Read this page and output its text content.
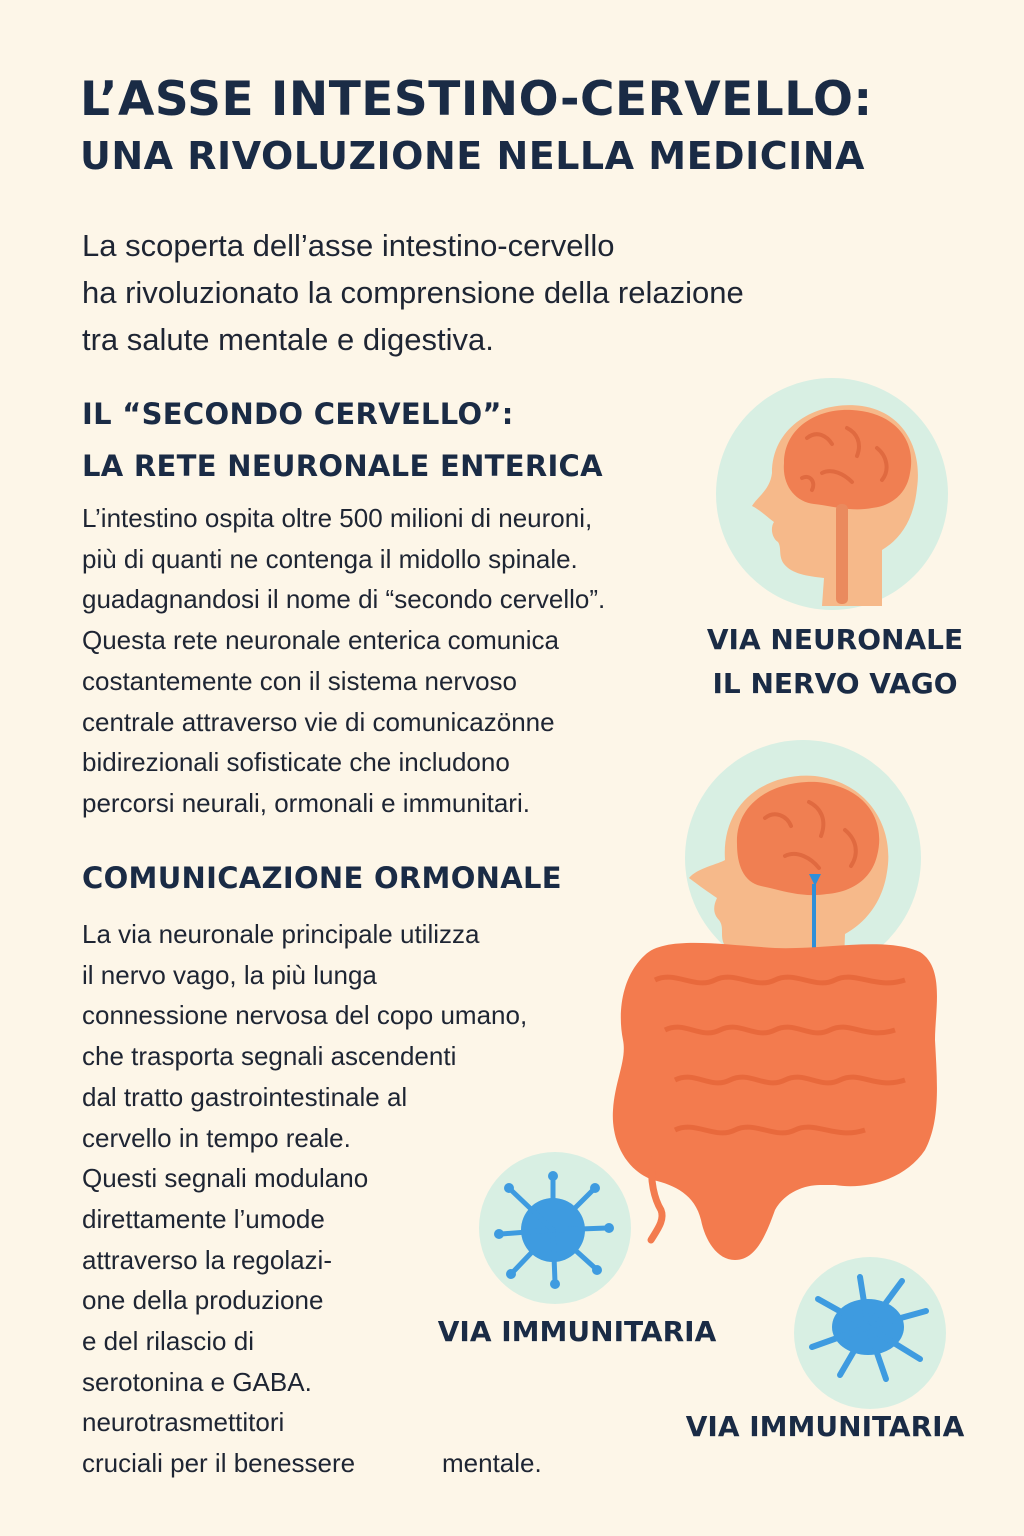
L’ASSE INTESTINO-CERVELLO:
UNA RIVOLUZIONE NELLA MEDICINA
La scoperta dell’asse intestino-cervello
ha rivoluzionato la comprensione della relazione
tra salute mentale e digestiva.
IL “SECONDO CERVELLO”:
LA RETE NEURONALE ENTERICA
L’intestino ospita oltre 500 milioni di neuroni,
più di quanti ne contenga il midollo spinale.
guadagnandosi il nome di “secondo cervello”.
Questa rete neuronale enterica comunica
costantemente con il sistema nervoso
centrale attraverso vie di comunicazönne
bidirezionali sofisticate che includono
percorsi neurali, ormonali e immunitari.
COMUNICAZIONE ORMONALE
La via neuronale principale utilizza
il nervo vago, la più lunga
connessione nervosa del copo umano,
che trasporta segnali ascendenti
dal tratto gastrointestinale al
cervello in tempo reale.
Questi segnali modulano
direttamente l’umode
attraverso la regolazi-
one della produzione
e del rilascio di
serotonina e GABA.
neurotrasmettitori
cruciali per il benessere	mentale.
VIA NEURONALE
IL NERVO VAGO
VIA IMMUNITARIA
VIA IMMUNITARIA
